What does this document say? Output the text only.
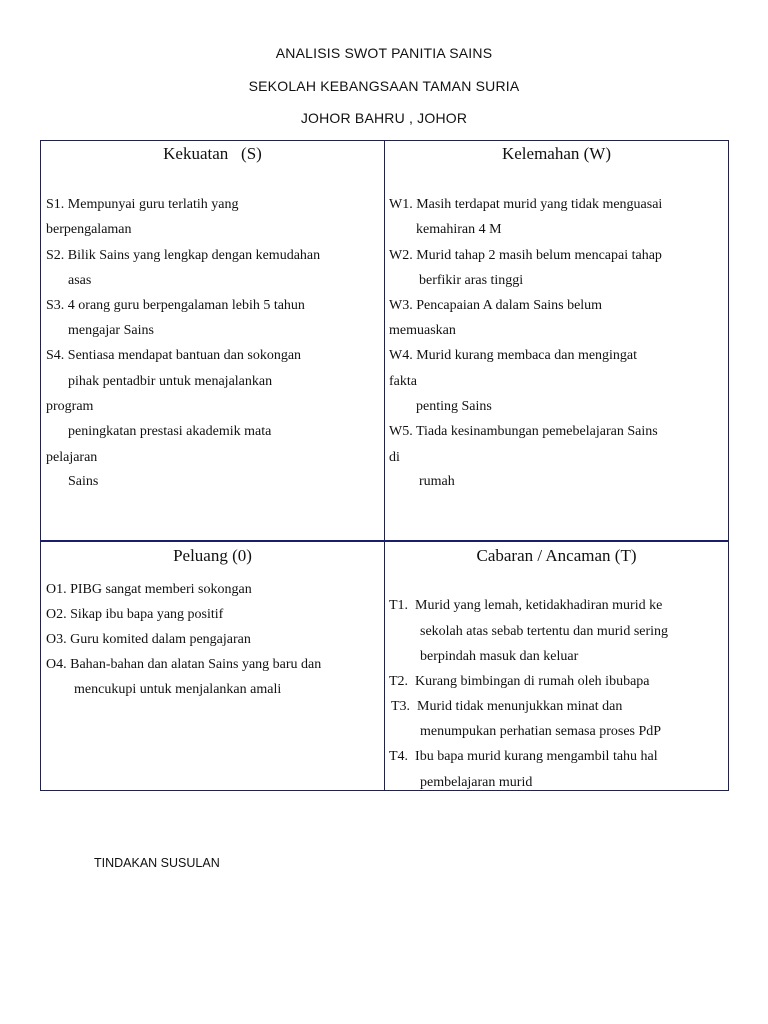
ANALISIS SWOT PANITIA SAINS
SEKOLAH KEBANGSAAN TAMAN SURIA
JOHOR BAHRU , JOHOR
Kekuatan   (S)
S1. Mempunyai guru terlatih yang
berpengalaman
S2. Bilik Sains yang lengkap dengan kemudahan
asas
S3. 4 orang guru berpengalaman lebih 5 tahun
mengajar Sains
S4. Sentiasa mendapat bantuan dan sokongan
pihak pentadbir untuk menajalankan
program
peningkatan prestasi akademik mata
pelajaran
Sains
Kelemahan (W)
W1. Masih terdapat murid yang tidak menguasai
kemahiran 4 M
W2. Murid tahap 2 masih belum mencapai tahap
berfikir aras tinggi
W3. Pencapaian A dalam Sains belum
memuaskan
W4. Murid kurang membaca dan mengingat
fakta
penting Sains
W5. Tiada kesinambungan pemebelajaran Sains
di
rumah
Peluang (0)
O1. PIBG sangat memberi sokongan
O2. Sikap ibu bapa yang positif
O3. Guru komited dalam pengajaran
O4. Bahan-bahan dan alatan Sains yang baru dan
mencukupi untuk menjalankan amali
Cabaran / Ancaman (T)
T1.  Murid yang lemah, ketidakhadiran murid ke
sekolah atas sebab tertentu dan murid sering
berpindah masuk dan keluar
T2.  Kurang bimbingan di rumah oleh ibubapa
T3.  Murid tidak menunjukkan minat dan
menumpukan perhatian semasa proses PdP
T4.  Ibu bapa murid kurang mengambil tahu hal
pembelajaran murid
TINDAKAN SUSULAN
